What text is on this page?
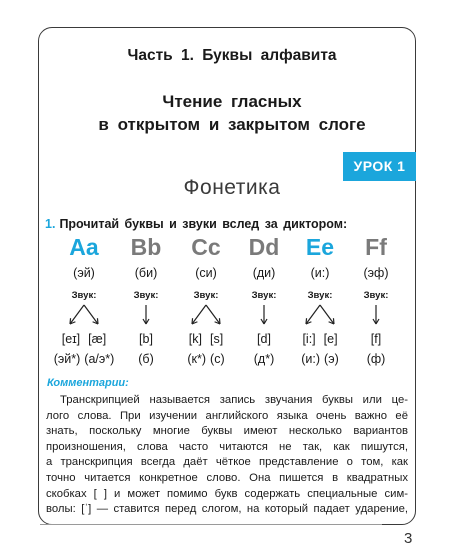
Часть 1. Буквы алфавита
Чтение гласных
в открытом и закрытом слоге
УРОК 1
Фонетика
1. Прочитай буквы и звуки вслед за диктором:
Aa
(эй)
Звук:
[eɪ] [æ]
(эй*) (а/э*)
Bb
(би)
Звук:
[b]
(б)
Cc
(си)
Звук:
[k] [s]
(к*) (с)
Dd
(ди)
Звук:
[d]
(д*)
Ee
(и:)
Звук:
[i:] [e]
(и:) (э)
Ff
(эф)
Звук:
[f]
(ф)
Комментарии:
Транскрипцией называется запись звучания буквы или це-
лого слова. При изучении английского языка очень важно её
знать, поскольку многие буквы имеют несколько вариантов
произношения, слова часто читаются не так, как пишутся,
а транскрипция всегда даёт чёткое представление о том, как
точно читается конкретное слово. Она пишется в квадратных
скобках [ ] и может помимо букв содержать специальные сим-
волы: [ˈ] — ставится перед слогом, на который падает ударение,
3
